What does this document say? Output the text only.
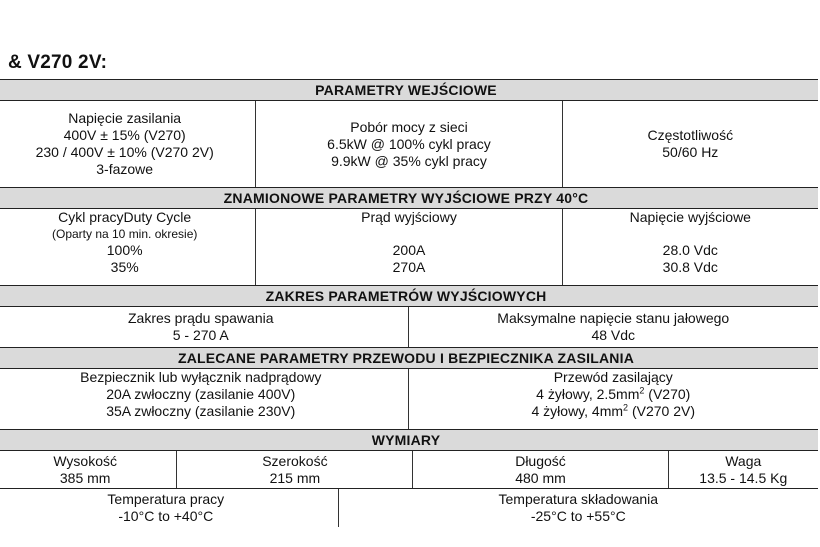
& V270 2V:
PARAMETRY WEJŚCIOWE
Napięcie zasilania
400V ± 15% (V270)
230 / 400V ± 10% (V270 2V)
3-fazowe
Pobór mocy z sieci
6.5kW @ 100% cykl pracy
9.9kW @ 35% cykl pracy
Częstotliwość
50/60 Hz
ZNAMIONOWE PARAMETRY WYJŚCIOWE PRZY 40°C
Cykl pracyDuty Cycle
(Oparty na 10 min. okresie)
100%
35%
Prąd wyjściowy

200A
270A
Napięcie wyjściowe

28.0 Vdc
30.8 Vdc
ZAKRES PARAMETRÓW WYJŚCIOWYCH
Zakres prądu spawania
5 - 270 A
Maksymalne napięcie stanu jałowego
48 Vdc
ZALECANE PARAMETRY PRZEWODU I BEZPIECZNIKA ZASILANIA
Bezpiecznik lub wyłącznik nadprądowy
20A zwłoczny (zasilanie 400V)
35A zwłoczny (zasilanie 230V)
Przewód zasilający
4 żyłowy, $2.5mm^2$ (V270)
4 żyłowy, $4mm^2$ (V270 2V)
WYMIARY
Wysokość
385 mm
Szerokość
215 mm
Długość
480 mm
Waga
13.5 - 14.5 Kg
Temperatura pracy
-10°C to +40°C
Temperatura składowania
-25°C to +55°C
